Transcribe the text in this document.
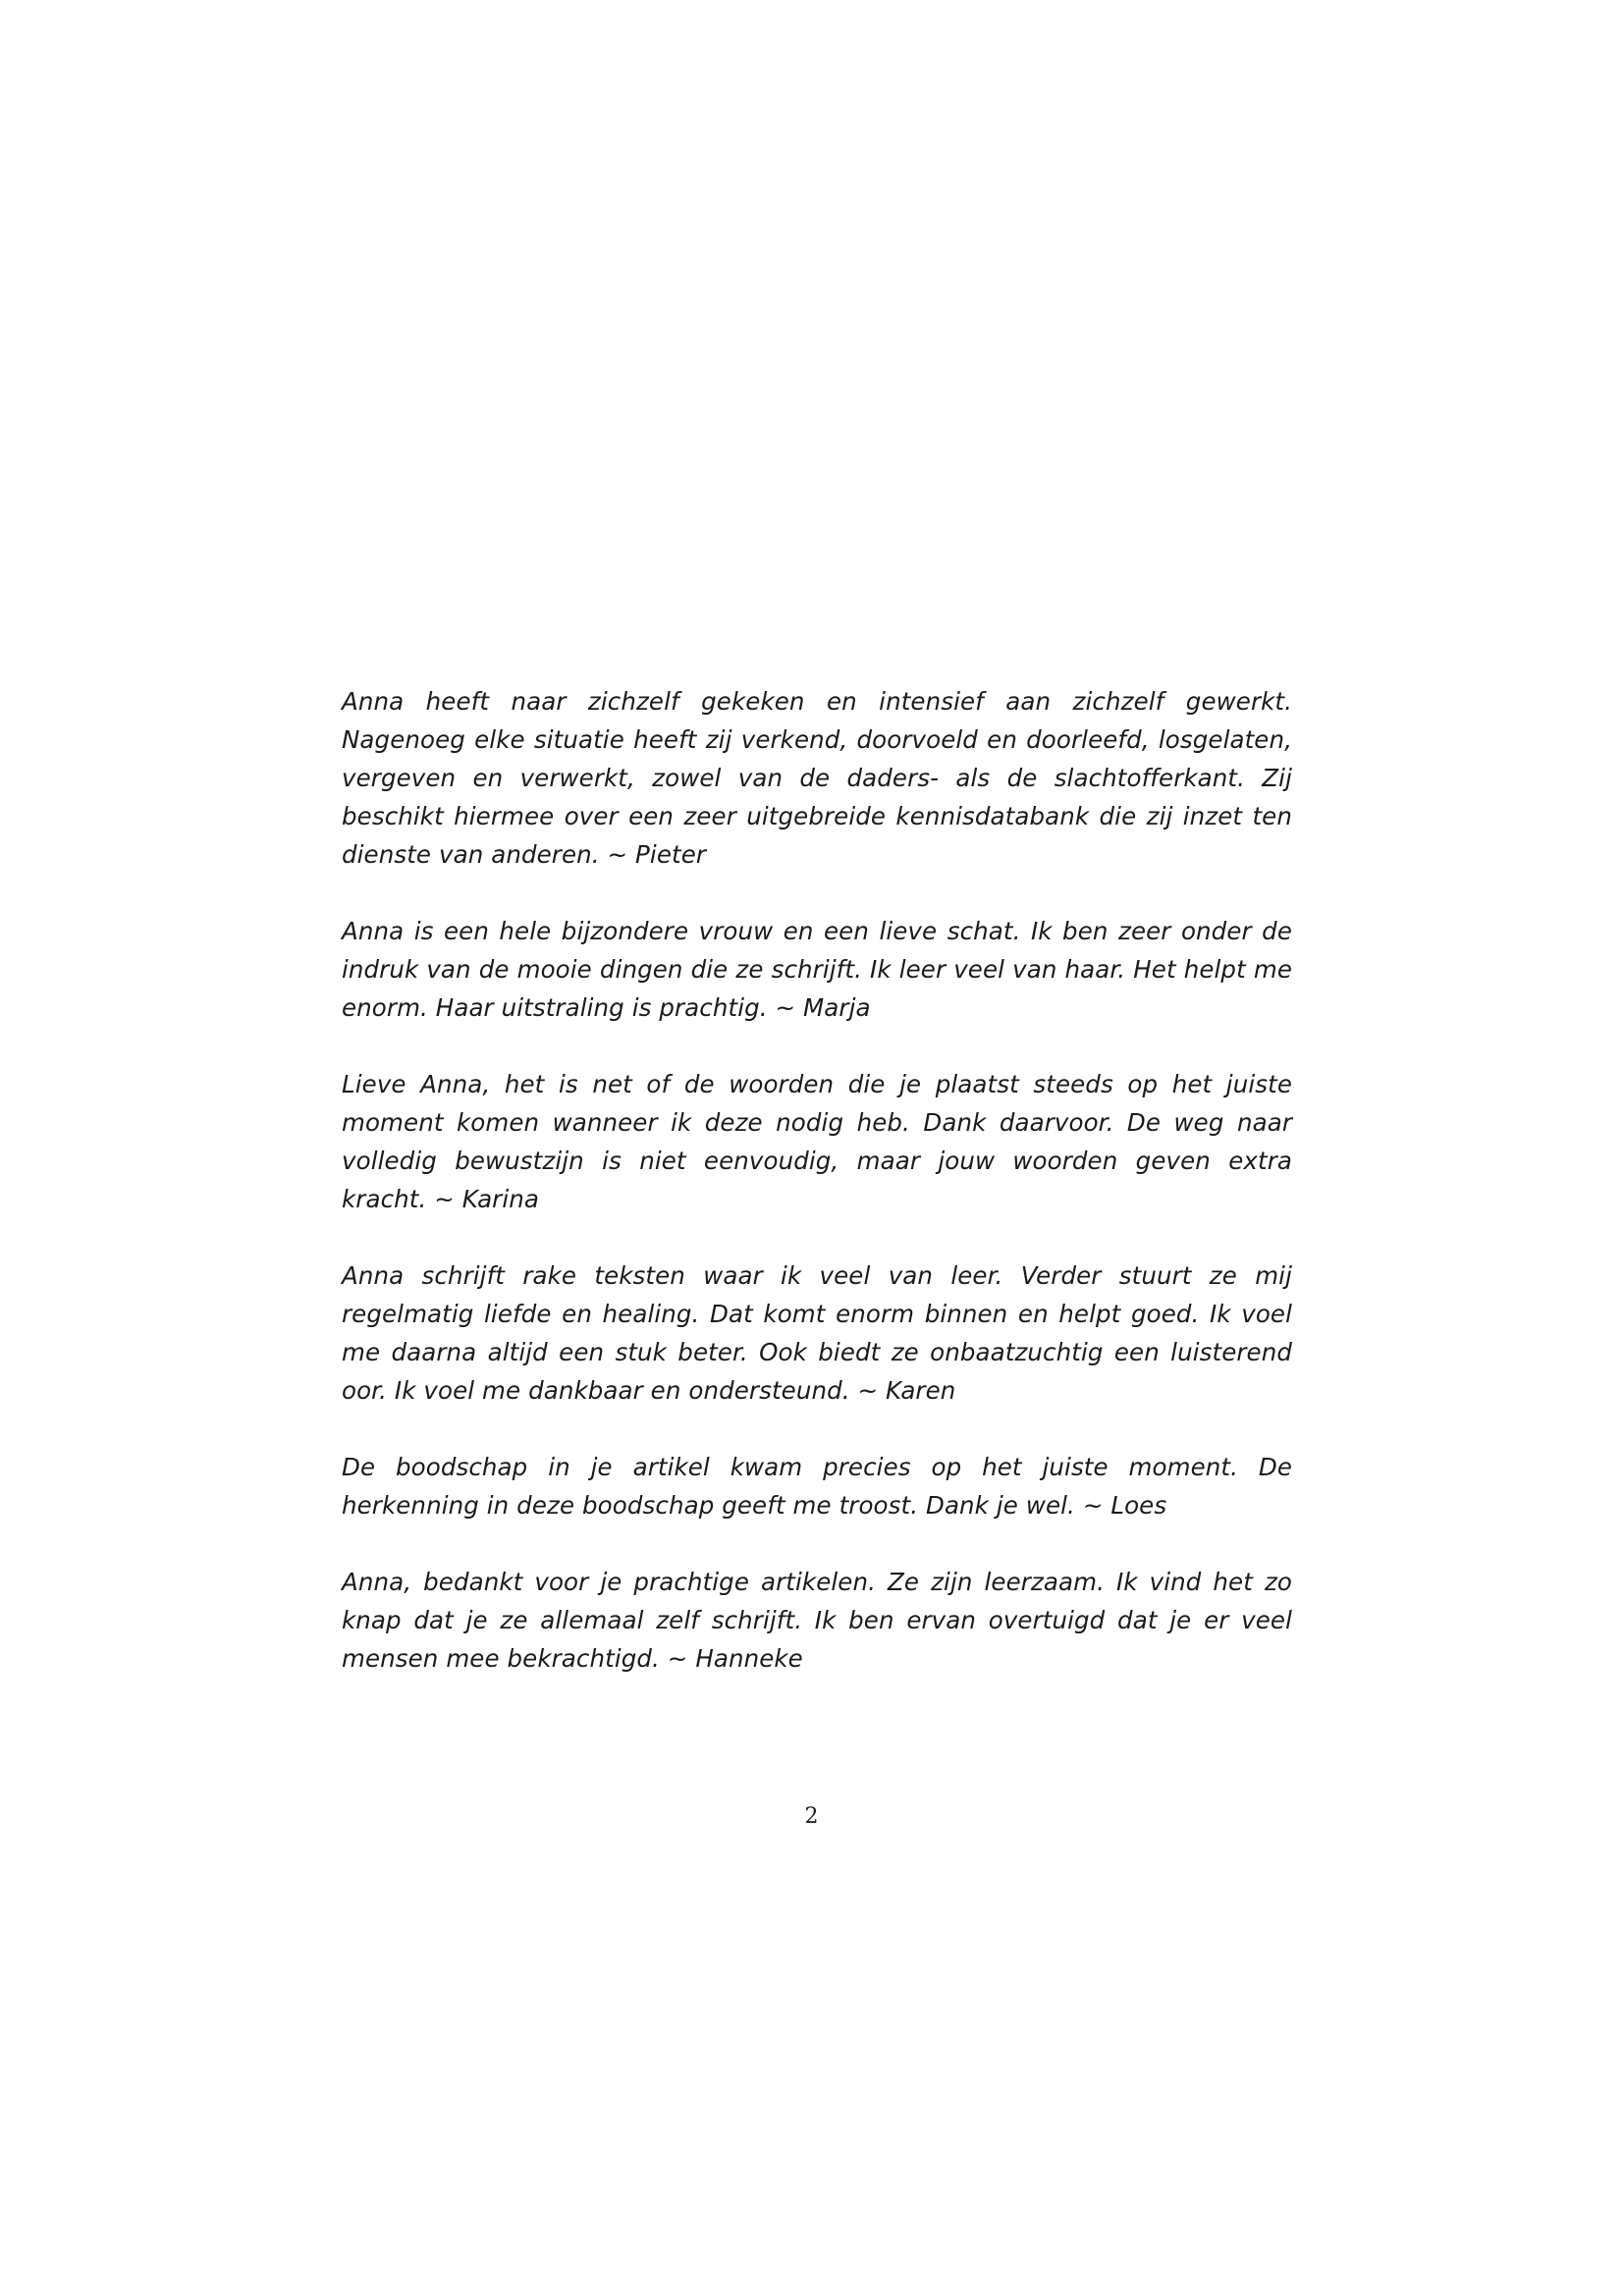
Anna heeft naar zichzelf gekeken en intensief aan zichzelf gewerkt. Nagenoeg elke situatie heeft zij verkend, doorvoeld en doorleefd, losgelaten, vergeven en verwerkt, zowel van de daders- als de slachtofferkant. Zij beschikt hiermee over een zeer uitgebreide kennisdatabank die zij inzet ten dienste van anderen. ~ Pieter

Anna is een hele bijzondere vrouw en een lieve schat. Ik ben zeer onder de indruk van de mooie dingen die ze schrijft. Ik leer veel van haar. Het helpt me enorm. Haar uitstraling is prachtig. ~ Marja

Lieve Anna, het is net of de woorden die je plaatst steeds op het juiste moment komen wanneer ik deze nodig heb. Dank daarvoor. De weg naar volledig bewustzijn is niet eenvoudig, maar jouw woorden geven extra kracht. ~ Karina

Anna schrijft rake teksten waar ik veel van leer. Verder stuurt ze mij regelmatig liefde en healing. Dat komt enorm binnen en helpt goed. Ik voel me daarna altijd een stuk beter. Ook biedt ze onbaatzuchtig een luisterend oor. Ik voel me dankbaar en ondersteund. ~ Karen

De boodschap in je artikel kwam precies op het juiste moment. De herkenning in deze boodschap geeft me troost. Dank je wel. ~ Loes

Anna, bedankt voor je prachtige artikelen. Ze zijn leerzaam. Ik vind het zo knap dat je ze allemaal zelf schrijft. Ik ben ervan overtuigd dat je er veel mensen mee bekrachtigd. ~ Hanneke

2
